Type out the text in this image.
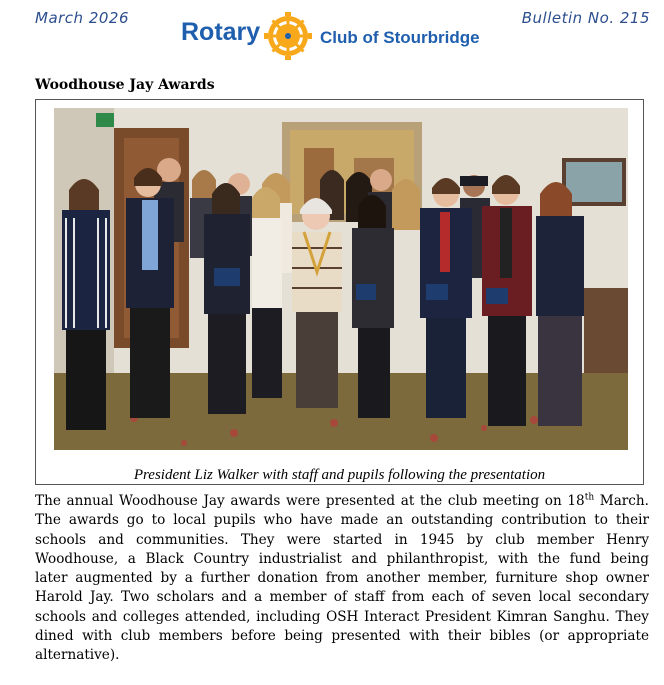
March 2026 Rotary	Club of Stourbridge
Bulletin No. 215
Woodhouse Jay Awards
President Liz Walker with staff and pupils following the presentation
The annual Woodhouse Jay awards were presented at the club meeting on 18th March.
The awards go to local pupils who have made an outstanding contribution to their
schools and communities. They were started in 1945 by club member Henry
Woodhouse, a Black Country industrialist and philanthropist, with the fund being
later augmented by a further donation from another member, furniture shop owner
Harold Jay. Two scholars and a member of staff from each of seven local secondary
schools and colleges attended, including OSH Interact President Kimran Sanghu. They
dined with club members before being presented with their bibles (or appropriate
alternative).
